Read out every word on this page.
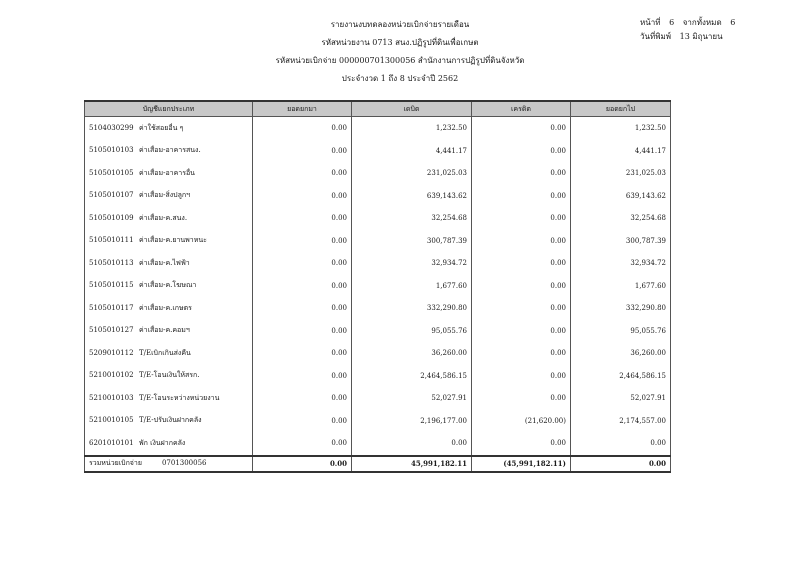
รายงานงบทดลองหน่วยเบิกจ่ายรายเดือน
รหัสหน่วยงาน 0713 สนง.ปฏิรูปที่ดินเพื่อเกษต
รหัสหน่วยเบิกจ่าย 000000701300056 สำนักงานการปฏิรูปที่ดินจังหวัด
ประจำงวด 1 ถึง 8 ประจำปี 2562
หน้าที่ 6 จากทั้งหมด 6
วันที่พิมพ์ 13 มิถุนายน
บัญชีแยกประเภท	ยอดยกมา	เดบิต	เครดิต	ยอดยกไป
5104030299 ค่าใช้สอยอื่น ๆ	0.00	1,232.50	0.00	1,232.50
5105010103 ค่าเสื่อม-อาคารสนง.	0.00	4,441.17	0.00	4,441.17
5105010105 ค่าเสื่อม-อาคารอื่น	0.00	231,025.03	0.00	231,025.03
5105010107 ค่าเสื่อม-สิ่งปลูกฯ	0.00	639,143.62	0.00	639,143.62
5105010109 ค่าเสื่อม-ค.สนง.	0.00	32,254.68	0.00	32,254.68
5105010111 ค่าเสื่อม-ค.ยานพาหนะ	0.00	300,787.39	0.00	300,787.39
5105010113 ค่าเสื่อม-ค.ไฟฟ้า	0.00	32,934.72	0.00	32,934.72
5105010115 ค่าเสื่อม-ค.โฆษณา	0.00	1,677.60	0.00	1,677.60
5105010117 ค่าเสื่อม-ค.เกษตร	0.00	332,290.80	0.00	332,290.80
5105010127 ค่าเสื่อม-ค.คอมฯ	0.00	95,055.76	0.00	95,055.76
5209010112 T/Eเบิกเกินส่งคืน	0.00	36,260.00	0.00	36,260.00
5210010102 T/E-โอนเงินให้สรก.	0.00	2,464,586.15	0.00	2,464,586.15
5210010103 T/E-โอนระหว่างหน่วยงาน	0.00	52,027.91	0.00	52,027.91
5210010105 T/E-ปรับเงินฝากคลัง	0.00	2,196,177.00	(21,620.00)	2,174,557.00
6201010101 พัก เงินฝากคลัง	0.00	0.00	0.00	0.00
รวมหน่วยเบิกจ่าย 0701300056	0.00	45,991,182.11	(45,991,182.11)	0.00
